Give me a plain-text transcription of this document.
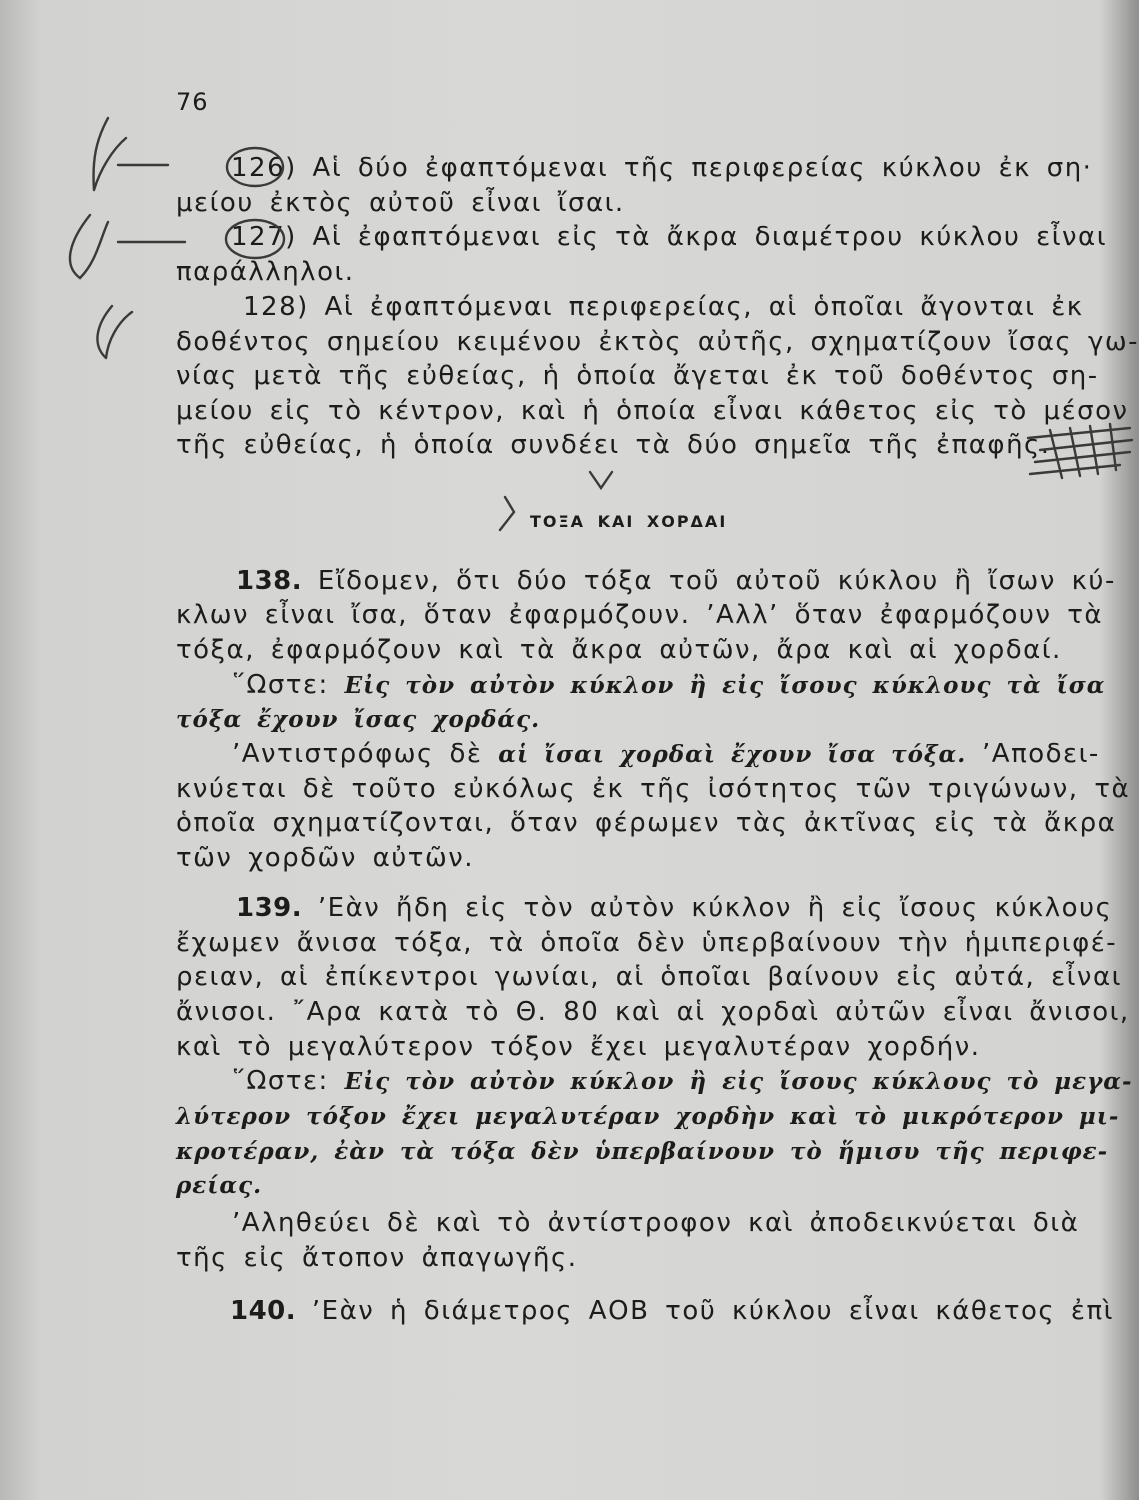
76
126) Αἱ δύο ἐφαπτόμεναι τῆς περιφερείας κύκλου ἐκ ση·
μείου ἐκτὸς αὐτοῦ εἶναι ἴσαι.
127) Αἱ ἐφαπτόμεναι εἰς τὰ ἄκρα διαμέτρου κύκλου εἶναι
παράλληλοι.
128) Αἱ ἐφαπτόμεναι περιφερείας, αἱ ὁποῖαι ἄγονται ἐκ
δοθέντος σημείου κειμένου ἐκτὸς αὐτῆς, σχηματίζουν ἴσας γω-
νίας μετὰ τῆς εὐθείας, ἡ ὁποία ἄγεται ἐκ τοῦ δοθέντος ση-
μείου εἰς τὸ κέντρον, καὶ ἡ ὁποία εἶναι κάθετος εἰς τὸ μέσον
τῆς εὐθείας, ἡ ὁποία συνδέει τὰ δύο σημεῖα τῆς ἐπαφῆς.
ΤΟΞΑ ΚΑΙ ΧΟΡΔΑΙ
138. Εἴδομεν, ὅτι δύο τόξα τοῦ αὐτοῦ κύκλου ἢ ἴσων κύ-
κλων εἶναι ἴσα, ὅταν ἐφαρμόζουν. ’Αλλ’ ὅταν ἐφαρμόζουν τὰ
τόξα, ἐφαρμόζουν καὶ τὰ ἄκρα αὐτῶν, ἄρα καὶ αἱ χορδαί.
῞Ωστε: Εἰς τὸν αὐτὸν κύκλον ἢ εἰς ἴσους κύκλους τὰ ἴσα
τόξα ἔχουν ἴσας χορδάς.
’Αντιστρόφως δὲ αἱ ἴσαι χορδαὶ ἔχουν ἴσα τόξα. ’Αποδει-
κνύεται δὲ τοῦτο εὐκόλως ἐκ τῆς ἰσότητος τῶν τριγώνων, τὰ
ὁποῖα σχηματίζονται, ὅταν φέρωμεν τὰς ἀκτῖνας εἰς τὰ ἄκρα
τῶν χορδῶν αὐτῶν.
139. ’Εὰν ἤδη εἰς τὸν αὐτὸν κύκλον ἢ εἰς ἴσους κύκλους
ἔχωμεν ἄνισα τόξα, τὰ ὁποῖα δὲν ὑπερβαίνουν τὴν ἡμιπεριφέ-
ρειαν, αἱ ἐπίκεντροι γωνίαι, αἱ ὁποῖαι βαίνουν εἰς αὐτά, εἶναι
ἄνισοι. ῎Αρα κατὰ τὸ Θ. 80 καὶ αἱ χορδαὶ αὐτῶν εἶναι ἄνισοι,
καὶ τὸ μεγαλύτερον τόξον ἔχει μεγαλυτέραν χορδήν.
῞Ωστε: Εἰς τὸν αὐτὸν κύκλον ἢ εἰς ἴσους κύκλους τὸ μεγα-
λύτερον τόξον ἔχει μεγαλυτέραν χορδὴν καὶ τὸ μικρότερον μι-
κροτέραν, ἐὰν τὰ τόξα δὲν ὑπερβαίνουν τὸ ἥμισυ τῆς περιφε-
ρείας.
’Αληθεύει δὲ καὶ τὸ ἀντίστροφον καὶ ἀποδεικνύεται διὰ
τῆς εἰς ἄτοπον ἀπαγωγῆς.
140. ’Εὰν ἡ διάμετρος ΑΟΒ τοῦ κύκλου εἶναι κάθετος ἐπὶ
